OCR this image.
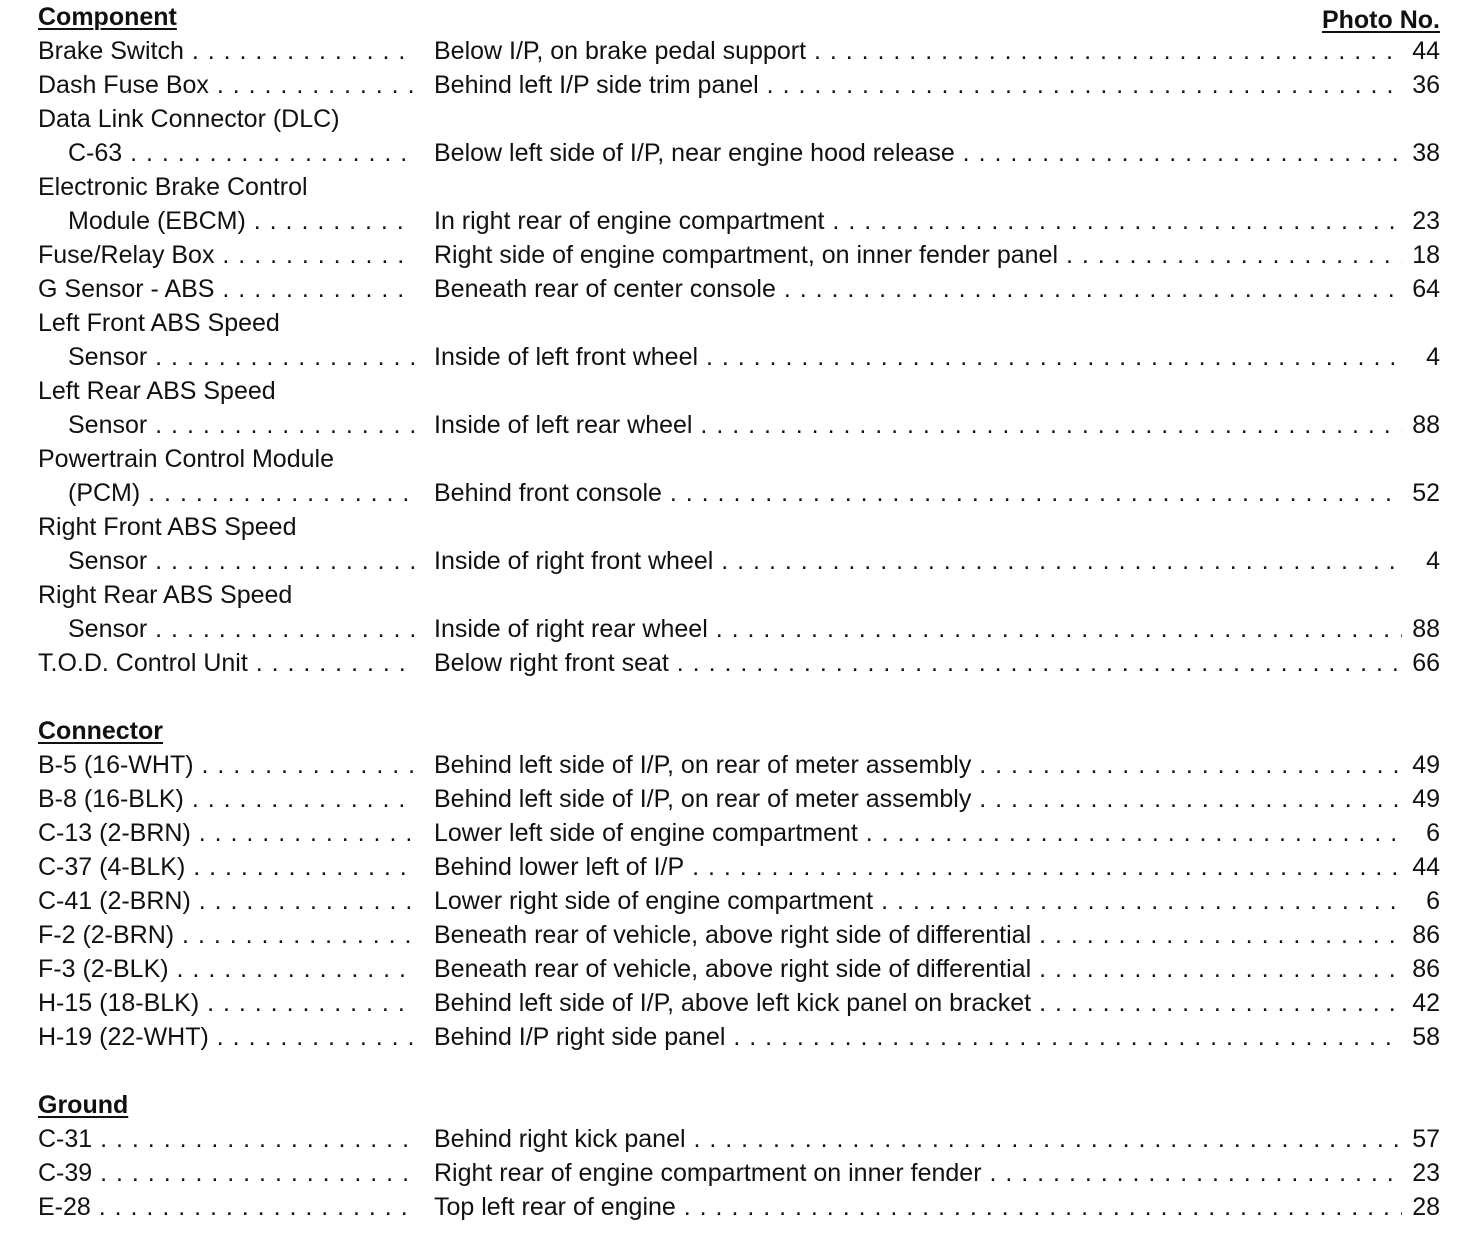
Component	Photo No.
Brake Switch . . .	Below I/P, on brake pedal support . . .	44
Dash Fuse Box . . .	Behind left I/P side trim panel . . .	36
Data Link Connector (DLC)
C-63 . . .	Below left side of I/P, near engine hood release . . .	38
Electronic Brake Control
Module (EBCM) . . .	In right rear of engine compartment . . .	23
Fuse/Relay Box . . .	Right side of engine compartment, on inner fender panel . . .	18
G Sensor - ABS . . .	Beneath rear of center console . . .	64
Left Front ABS Speed
Sensor . . .	Inside of left front wheel . . .	4
Left Rear ABS Speed
Sensor . . .	Inside of left rear wheel . . .	88
Powertrain Control Module
(PCM) . . .	Behind front console . . .	52
Right Front ABS Speed
Sensor . . .	Inside of right front wheel . . .	4
Right Rear ABS Speed
Sensor . . .	Inside of right rear wheel . . .	88
T.O.D. Control Unit . . .	Below right front seat . . .	66
Connector
B-5 (16-WHT) . . .	Behind left side of I/P, on rear of meter assembly . . .	49
B-8 (16-BLK) . . .	Behind left side of I/P, on rear of meter assembly . . .	49
C-13 (2-BRN) . . .	Lower left side of engine compartment . . .	6
C-37 (4-BLK) . . .	Behind lower left of I/P . . .	44
C-41 (2-BRN) . . .	Lower right side of engine compartment . . .	6
F-2 (2-BRN) . . .	Beneath rear of vehicle, above right side of differential . . .	86
F-3 (2-BLK) . . .	Beneath rear of vehicle, above right side of differential . . .	86
H-15 (18-BLK) . . .	Behind left side of I/P, above left kick panel on bracket . . .	42
H-19 (22-WHT) . . .	Behind I/P right side panel . . .	58
Ground
C-31 . . .	Behind right kick panel . . .	57
C-39 . . .	Right rear of engine compartment on inner fender . . .	23
E-28 . . .	Top left rear of engine . . .	28
